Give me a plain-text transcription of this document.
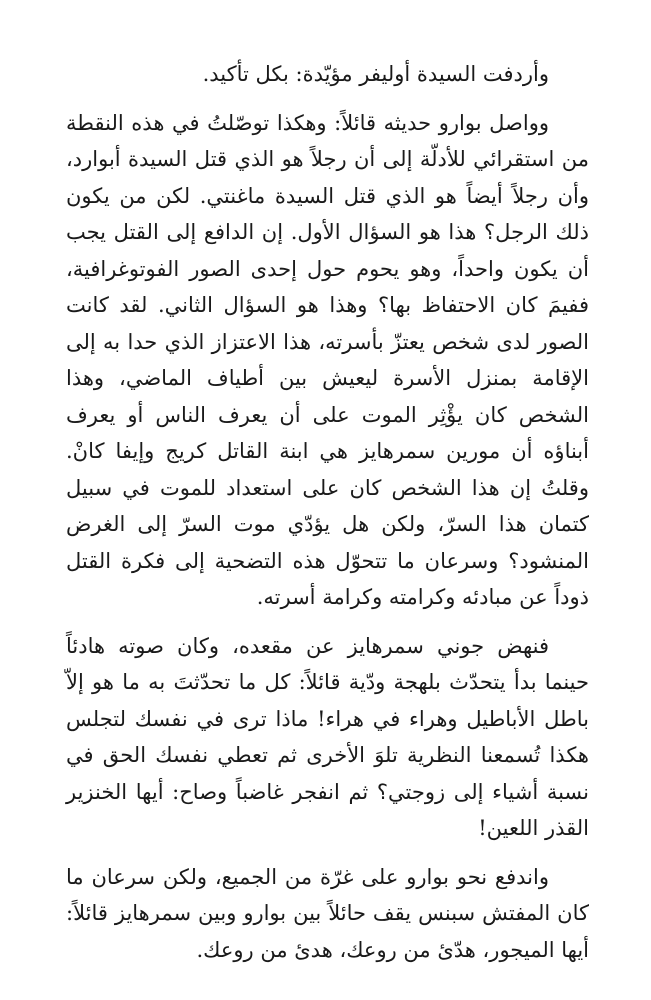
وأردفت السيدة أوليفر مؤيّدة: بكل تأكيد.

وواصل بوارو حديثه قائلاً: وهكذا توصّلتُ في هذه النقطة من استقرائي للأدلّة إلى أن رجلاً هو الذي قتل السيدة أبوارد، وأن رجلاً أيضاً هو الذي قتل السيدة ماغنتي. لكن من يكون ذلك الرجل؟ هذا هو السؤال الأول. إن الدافع إلى القتل يجب أن يكون واحداً، وهو يحوم حول إحدى الصور الفوتوغرافية، ففيمَ كان الاحتفاظ بها؟ وهذا هو السؤال الثاني. لقد كانت الصور لدى شخص يعتزّ بأسرته، هذا الاعتزاز الذي حدا به إلى الإقامة بمنزل الأسرة ليعيش بين أطياف الماضي، وهذا الشخص كان يؤْثِر الموت على أن يعرف الناس أو يعرف أبناؤه أن مورين سمرهايز هي ابنة القاتل كريج وإيفا كانْ. وقلتُ إن هذا الشخص كان على استعداد للموت في سبيل كتمان هذا السرّ، ولكن هل يؤدّي موت السرّ إلى الغرض المنشود؟ وسرعان ما تتحوّل هذه التضحية إلى فكرة القتل ذوداً عن مبادئه وكرامته وكرامة أسرته.

فنهض جوني سمرهايز عن مقعده، وكان صوته هادئاً حينما بدأ يتحدّث بلهجة ودّية قائلاً: كل ما تحدّثتَ به ما هو إلاّ باطل الأباطيل وهراء في هراء! ماذا ترى في نفسك لتجلس هكذا تُسمعنا النظرية تلوَ الأخرى ثم تعطي نفسك الحق في نسبة أشياء إلى زوجتي؟ ثم انفجر غاضباً وصاح: أيها الخنزير القذر اللعين!

واندفع نحو بوارو على غرّة من الجميع، ولكن سرعان ما كان المفتش سبنس يقف حائلاً بين بوارو وبين سمرهايز قائلاً: أيها الميجور، هدّئ من روعك، هدئ من روعك.
